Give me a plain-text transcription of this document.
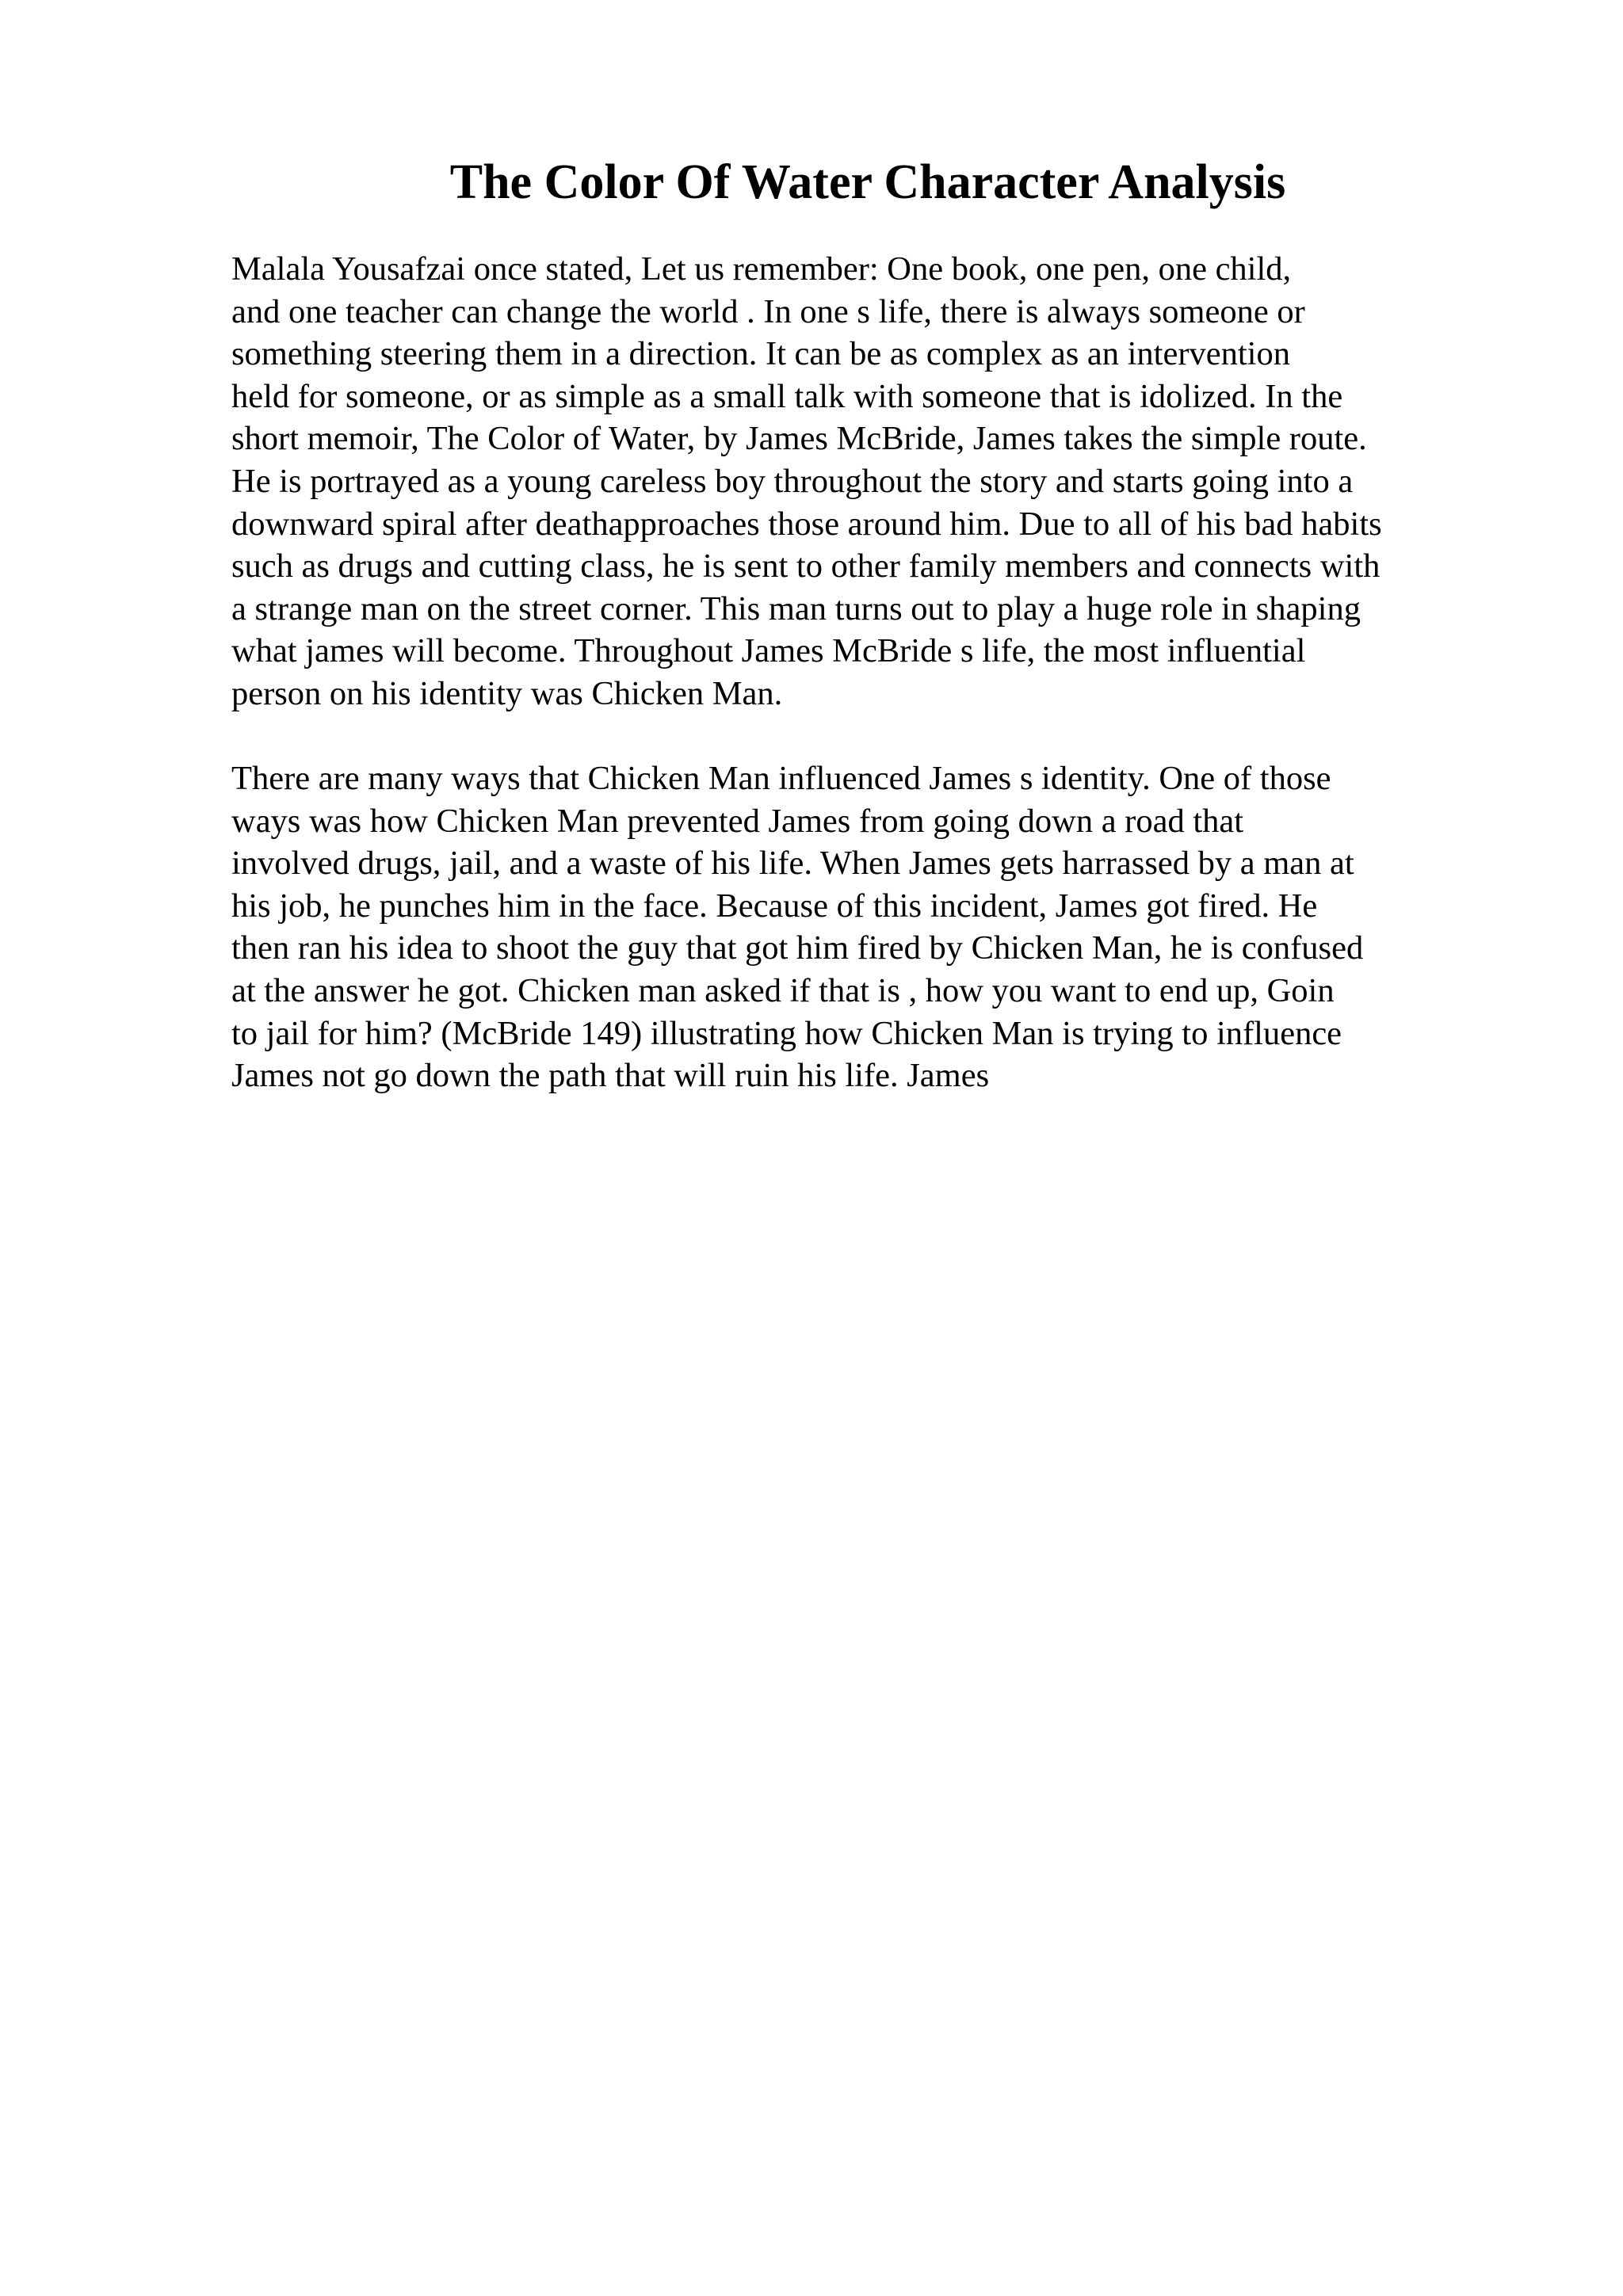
The Color Of Water Character Analysis

Malala Yousafzai once stated, Let us remember: One book, one pen, one child,
and one teacher can change the world . In one s life, there is always someone or
something steering them in a direction. It can be as complex as an intervention
held for someone, or as simple as a small talk with someone that is idolized. In the
short memoir, The Color of Water, by James McBride, James takes the simple route.
He is portrayed as a young careless boy throughout the story and starts going into a
downward spiral after deathapproaches those around him. Due to all of his bad habits
such as drugs and cutting class, he is sent to other family members and connects with
a strange man on the street corner. This man turns out to play a huge role in shaping
what james will become. Throughout James McBride s life, the most influential
person on his identity was Chicken Man.

There are many ways that Chicken Man influenced James s identity. One of those
ways was how Chicken Man prevented James from going down a road that
involved drugs, jail, and a waste of his life. When James gets harrassed by a man at
his job, he punches him in the face. Because of this incident, James got fired. He
then ran his idea to shoot the guy that got him fired by Chicken Man, he is confused
at the answer he got. Chicken man asked if that is , how you want to end up, Goin
to jail for him? (McBride 149) illustrating how Chicken Man is trying to influence
James not go down the path that will ruin his life. James
